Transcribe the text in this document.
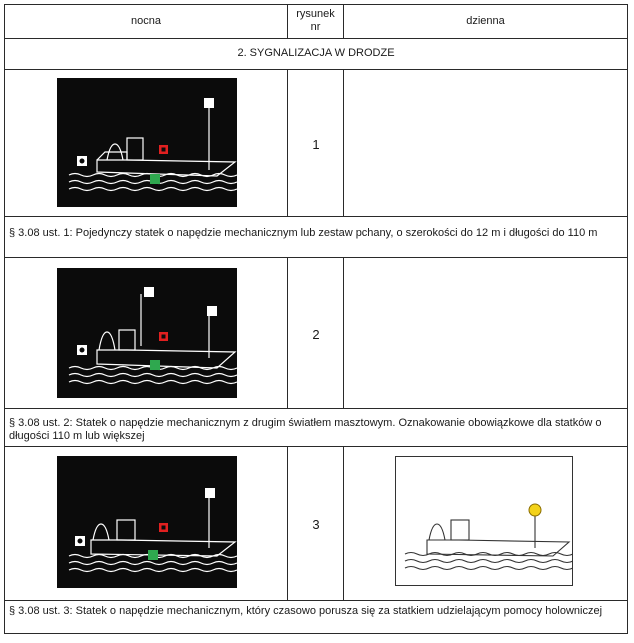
nocna
rysunek
nr	dzienna
2. SYGNALIZACJA W DRODZE
1
§ 3.08 ust. 1: Pojedynczy statek o napędzie mechanicznym lub zestaw pchany, o szerokości do 12 m i długości do 110 m
2
§ 3.08 ust. 2: Statek o napędzie mechanicznym z drugim światłem masztowym. Oznakowanie obowiązkowe dla statków o długości 110 m lub większej
3
§ 3.08 ust. 3: Statek o napędzie mechanicznym, który czasowo porusza się za statkiem udzielającym pomocy holowniczej
